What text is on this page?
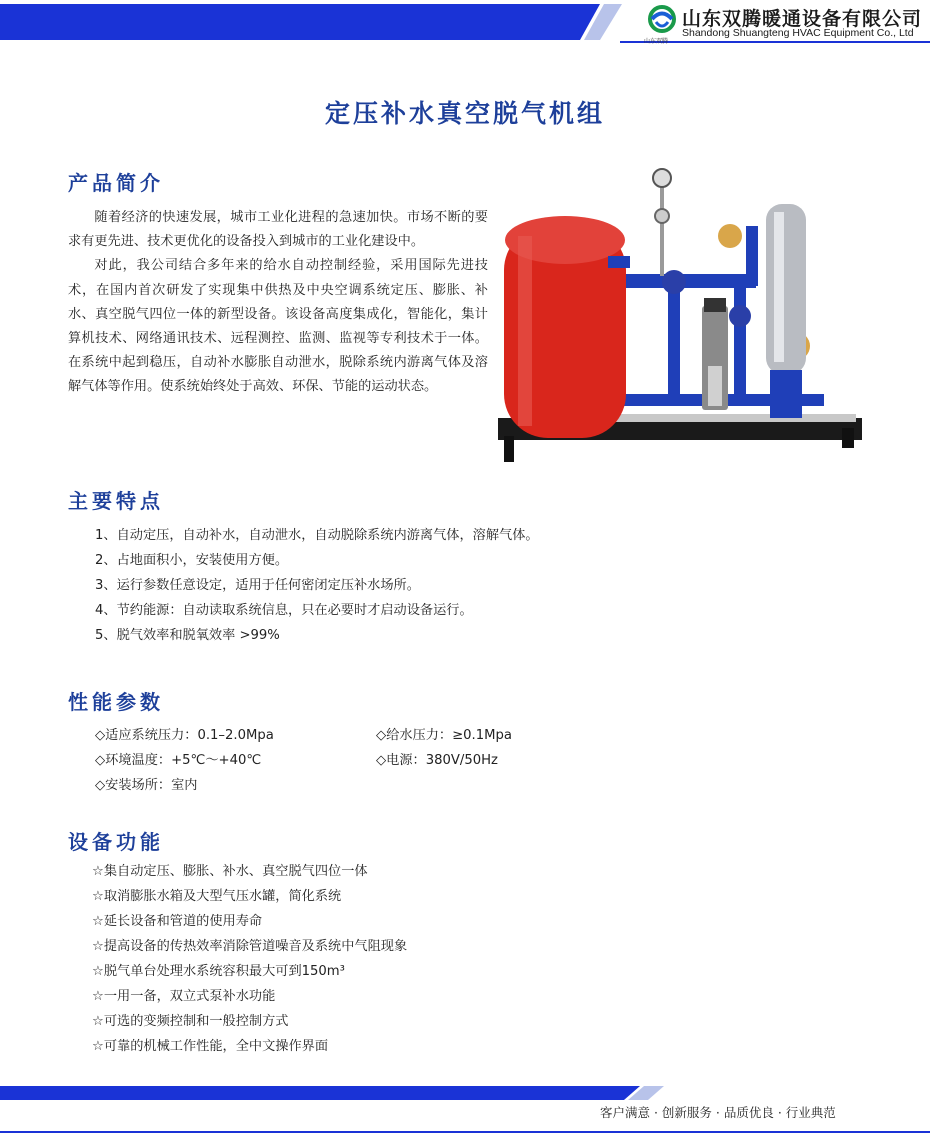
山东双腾
山东双腾暖通设备有限公司
Shandong Shuangteng HVAC Equipment Co., Ltd
定压补水真空脱气机组
产品简介

随着经济的快速发展，城市工业化进程的急速加快。市场不断的要求有更先进、技术更优化的设备投入到城市的工业化建设中。

对此，我公司结合多年来的给水自动控制经验，采用国际先进技术，在国内首次研发了实现集中供热及中央空调系统定压、膨胀、补水、真空脱气四位一体的新型设备。该设备高度集成化，智能化，集计算机技术、网络通讯技术、远程测控、监测、监视等专利技术于一体。在系统中起到稳压，自动补水膨胀自动泄水，脱除系统内游离气体及溶解气体等作用。使系统始终处于高效、环保、节能的运动状态。

主要特点
1、自动定压，自动补水，自动泄水，自动脱除系统内游离气体，溶解气体。
2、占地面积小，安装使用方便。
3、运行参数任意设定，适用于任何密闭定压补水场所。
4、节约能源：自动读取系统信息，只在必要时才启动设备运行。
5、脱气效率和脱氧效率 >99%
性能参数
◇适应系统压力：0.1–2.0Mpa	◇给水压力：≥0.1Mpa
◇环境温度：+5℃～+40℃	◇电源：380V/50Hz
◇安装场所：室内
设备功能
☆集自动定压、膨胀、补水、真空脱气四位一体
☆取消膨胀水箱及大型气压水罐，简化系统
☆延长设备和管道的使用寿命
☆提高设备的传热效率消除管道噪音及系统中气阻现象
☆脱气单台处理水系统容积最大可到150m³
☆一用一备，双立式泵补水功能
☆可选的变频控制和一般控制方式
☆可靠的机械工作性能，全中文操作界面
客户满意 · 创新服务 · 品质优良 · 行业典范
